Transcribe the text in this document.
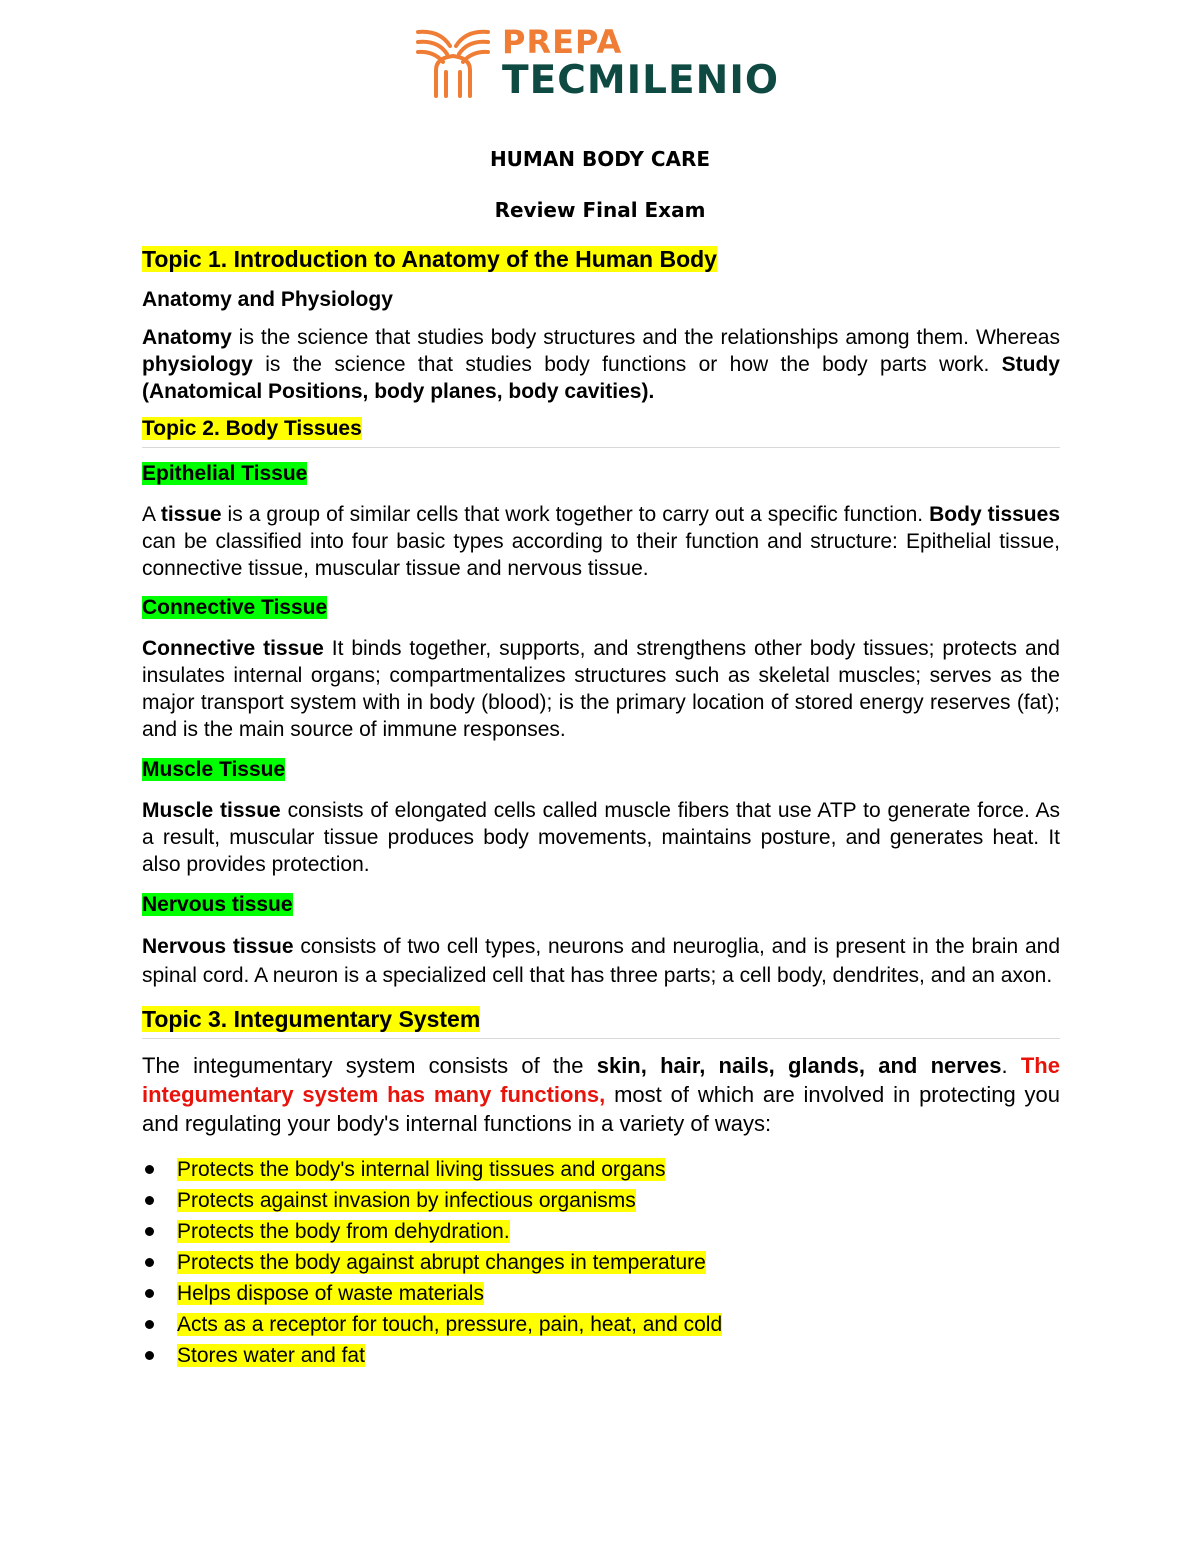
PREPA
TECMILENIO
HUMAN BODY CARE
Review Final Exam

Topic 1. Introduction to Anatomy of the Human Body

Anatomy and Physiology

Anatomy is the science that studies body structures and the relationships among them. Whereas physiology is the science that studies body functions or how the body parts work. Study (Anatomical Positions, body planes, body cavities).

Topic 2. Body Tissues

Epithelial Tissue

A tissue is a group of similar cells that work together to carry out a specific function. Body tissues can be classified into four basic types according to their function and structure: Epithelial tissue, connective tissue, muscular tissue and nervous tissue.

Connective Tissue

Connective tissue It binds together, supports, and strengthens other body tissues; protects and insulates internal organs; compartmentalizes structures such as skeletal muscles; serves as the major transport system with in body (blood); is the primary location of stored energy reserves (fat); and is the main source of immune responses.

Muscle Tissue

Muscle tissue consists of elongated cells called muscle fibers that use ATP to generate force. As a result, muscular tissue produces body movements, maintains posture, and generates heat. It also provides protection.

Nervous tissue

Nervous tissue consists of two cell types, neurons and neuroglia, and is present in the brain and spinal cord. A neuron is a specialized cell that has three parts; a cell body, dendrites, and an axon.

Topic 3. Integumentary System

The integumentary system consists of the skin, hair, nails, glands, and nerves. The integumentary system has many functions, most of which are involved in protecting you and regulating your body's internal functions in a variety of ways:

Protects the body's internal living tissues and organs
Protects against invasion by infectious organisms
Protects the body from dehydration.
Protects the body against abrupt changes in temperature
Helps dispose of waste materials
Acts as a receptor for touch, pressure, pain, heat, and cold
Stores water and fat
